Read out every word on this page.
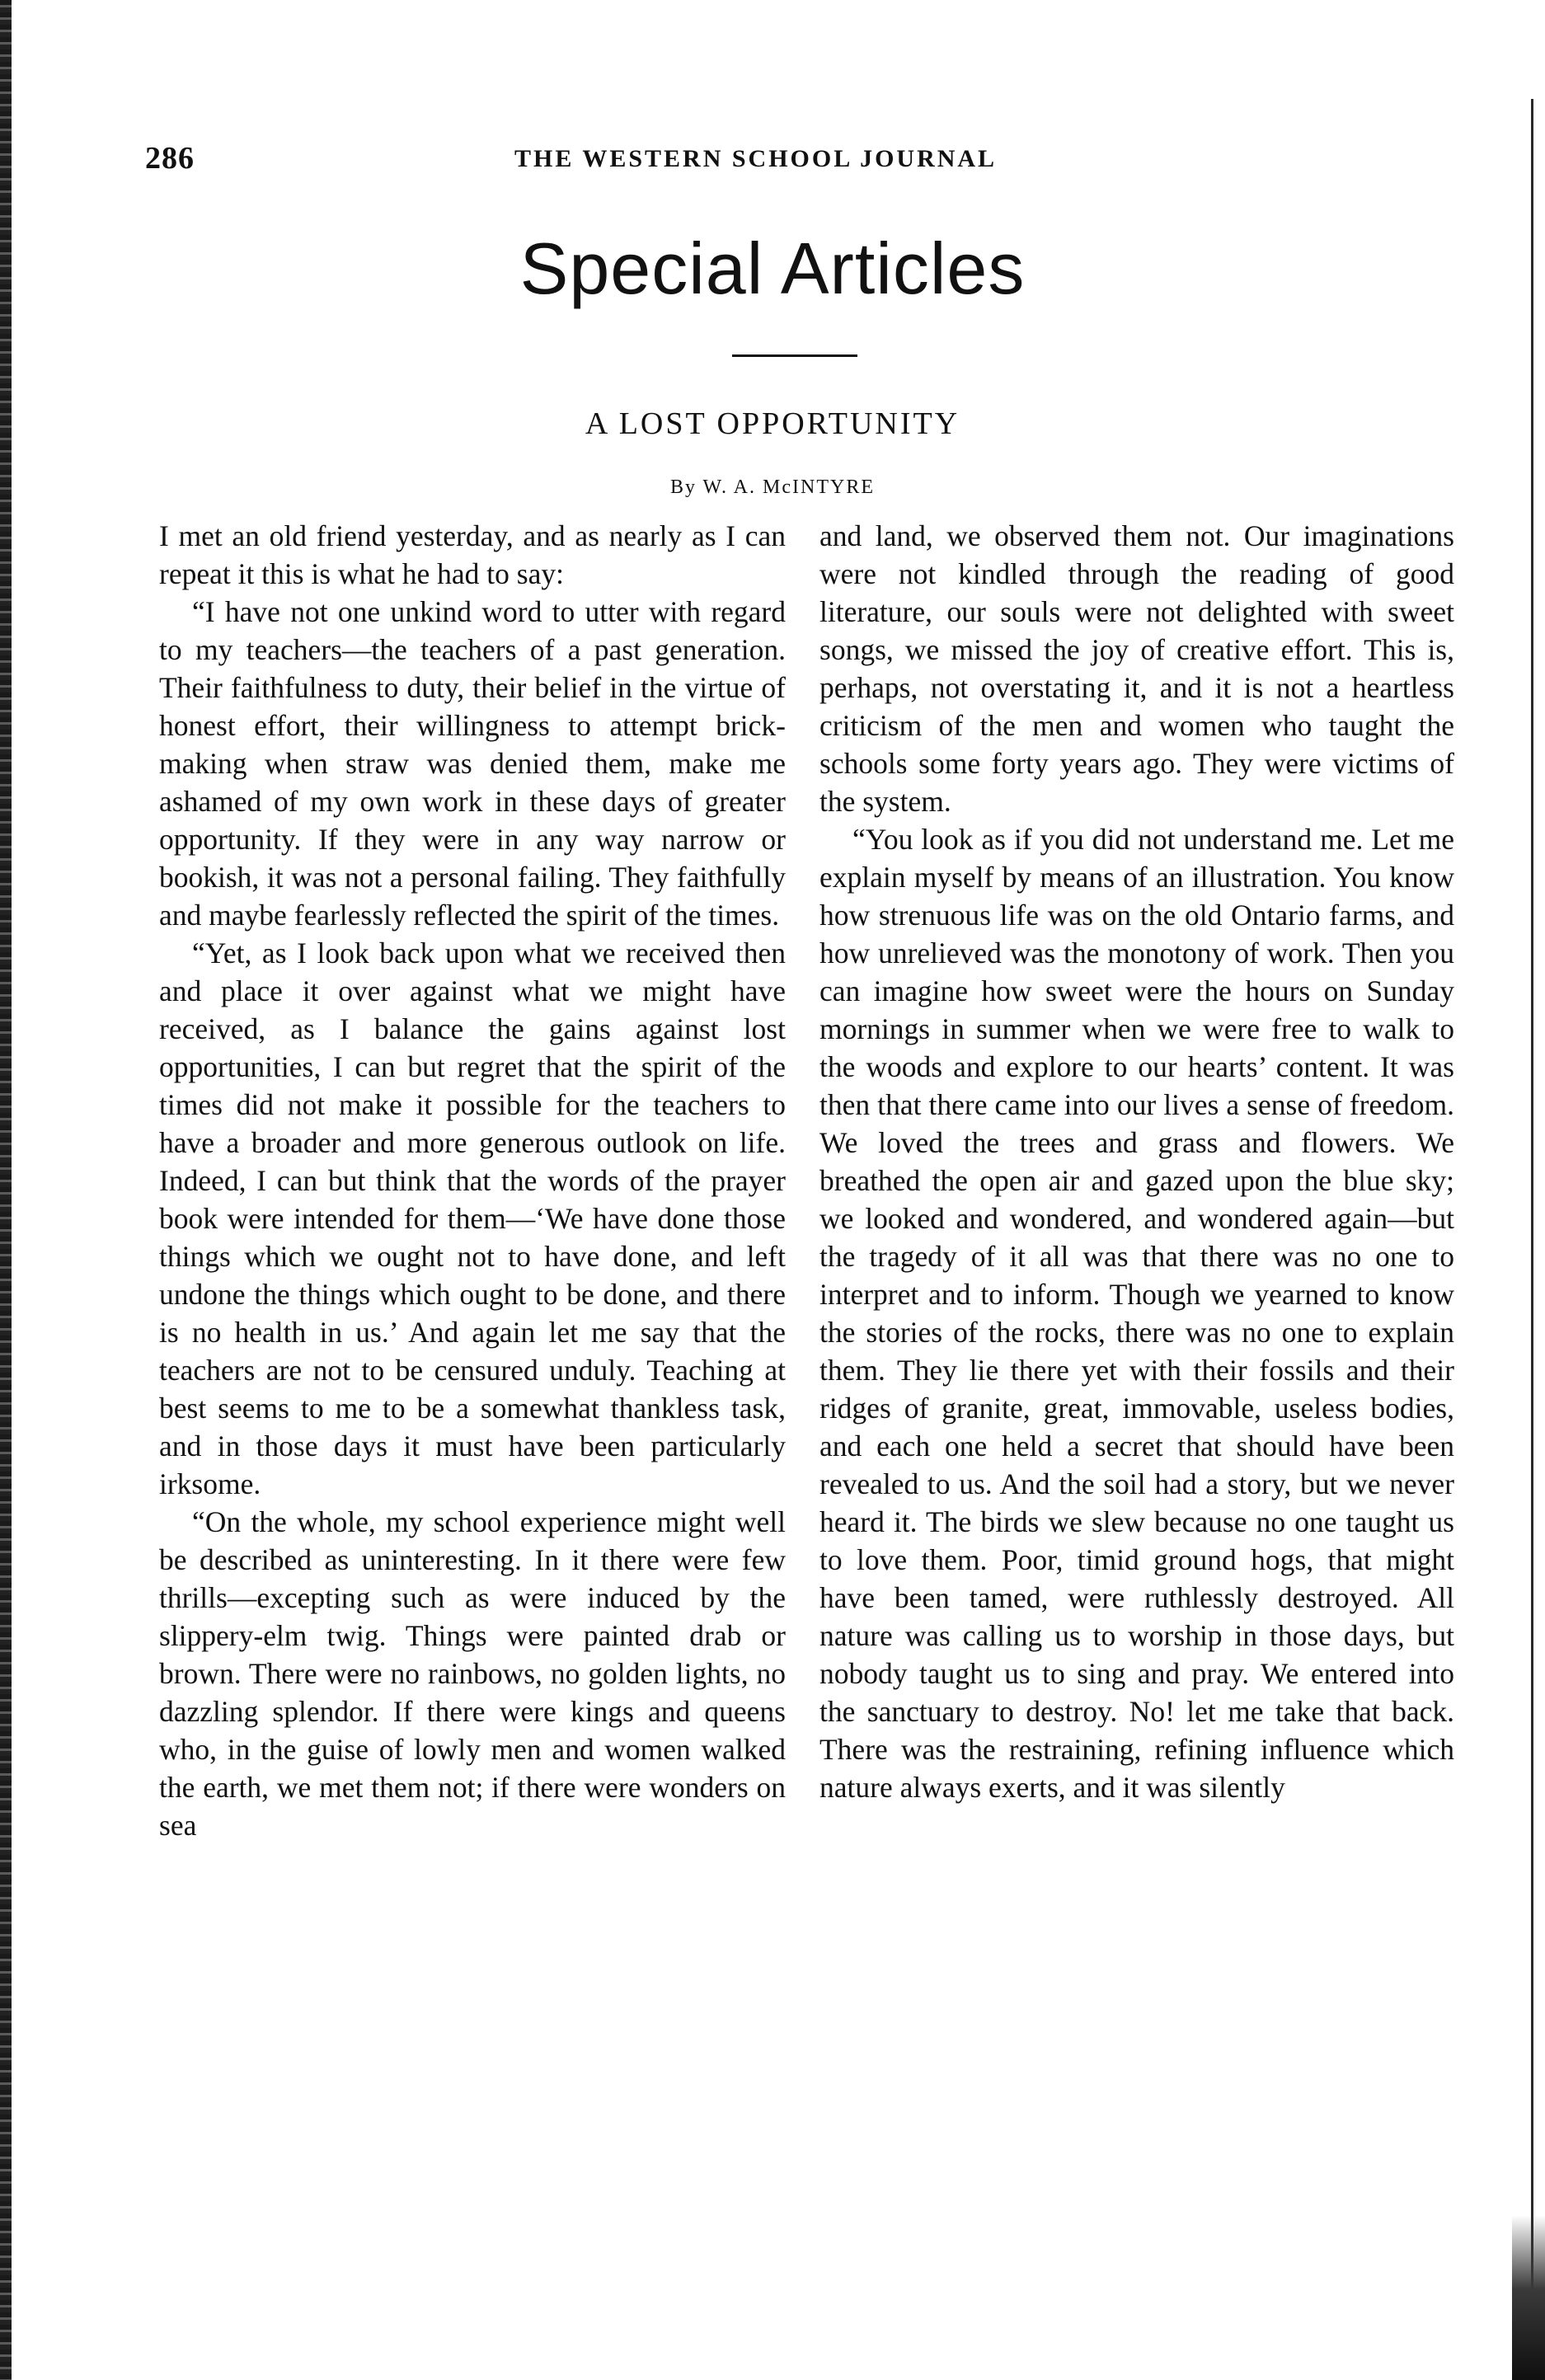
286	THE WESTERN SCHOOL JOURNAL
Special Articles
A LOST OPPORTUNITY
By W. A. McINTYRE

I met an old friend yesterday, and as nearly as I can repeat it this is what he had to say:

“I have not one unkind word to utter with regard to my teachers—the teachers of a past generation. Their faithfulness to duty, their belief in the virtue of honest effort, their willingness to attempt brick-making when straw was denied them, make me ashamed of my own work in these days of greater opportunity. If they were in any way narrow or bookish, it was not a personal failing. They faithfully and maybe fearlessly reflected the spirit of the times.

“Yet, as I look back upon what we received then and place it over against what we might have received, as I balance the gains against lost opportunities, I can but regret that the spirit of the times did not make it possible for the teachers to have a broader and more generous outlook on life. Indeed, I can but think that the words of the prayer book were intended for them—‘We have done those things which we ought not to have done, and left undone the things which ought to be done, and there is no health in us.’ And again let me say that the teachers are not to be censured unduly. Teaching at best seems to me to be a somewhat thankless task, and in those days it must have been particularly irksome.

“On the whole, my school experience might well be described as uninteresting. In it there were few thrills—excepting such as were induced by the slippery-elm twig. Things were painted drab or brown. There were no rainbows, no golden lights, no dazzling splendor. If there were kings and queens who, in the guise of lowly men and women walked the earth, we met them not; if there were wonders on sea

and land, we observed them not. Our imaginations were not kindled through the reading of good literature, our souls were not delighted with sweet songs, we missed the joy of creative effort. This is, perhaps, not overstating it, and it is not a heartless criticism of the men and women who taught the schools some forty years ago. They were victims of the system.

“You look as if you did not understand me. Let me explain myself by means of an illustration. You know how strenuous life was on the old Ontario farms, and how unrelieved was the monotony of work. Then you can imagine how sweet were the hours on Sunday mornings in summer when we were free to walk to the woods and explore to our hearts’ content. It was then that there came into our lives a sense of freedom. We loved the trees and grass and flowers. We breathed the open air and gazed upon the blue sky; we looked and wondered, and wondered again—but the tragedy of it all was that there was no one to interpret and to inform. Though we yearned to know the stories of the rocks, there was no one to explain them. They lie there yet with their fossils and their ridges of granite, great, immovable, useless bodies, and each one held a secret that should have been revealed to us. And the soil had a story, but we never heard it. The birds we slew because no one taught us to love them. Poor, timid ground hogs, that might have been tamed, were ruthlessly destroyed. All nature was calling us to worship in those days, but nobody taught us to sing and pray. We entered into the sanctuary to destroy. No! let me take that back. There was the restraining, refining influence which nature always exerts, and it was silently
